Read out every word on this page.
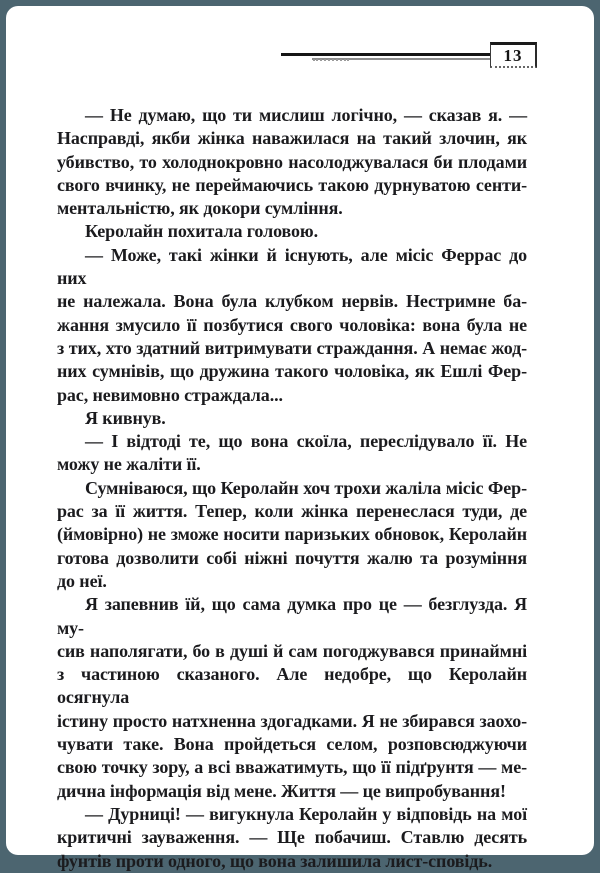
13
— Не думаю, що ти мислиш логічно, — сказав я. —
Насправді, якби жінка наважилася на такий злочин, як
убивство, то холоднокровно насолоджувалася би плодами
свого вчинку, не переймаючись такою дурнуватою сенти-
ментальністю, як докори сумління.
Керолайн похитала головою.
— Може, такі жінки й існують, але місіс Феррас до них
не належала. Вона була клубком нервів. Нестримне ба-
жання змусило її позбутися свого чоловіка: вона була не
з тих, хто здатний витримувати страждання. А немає жод-
них сумнівів, що дружина такого чоловіка, як Ешлі Фер-
рас, невимовно страждала...
Я кивнув.
— І відтоді те, що вона скоїла, переслідувало її. Не
можу не жаліти її.
Сумніваюся, що Керолайн хоч трохи жаліла місіс Фер-
рас за її життя. Тепер, коли жінка перенеслася туди, де
(ймовірно) не зможе носити паризьких обновок, Керолайн
готова дозволити собі ніжні почуття жалю та розуміння
до неї.
Я запевнив їй, що сама думка про це — безглузда. Я му-
сив наполягати, бо в душі й сам погоджувався принаймні
з частиною сказаного. Але недобре, що Керолайн осягнула
істину просто натхненна здогадками. Я не збирався заохо-
чувати таке. Вона пройдеться селом, розповсюджуючи
свою точку зору, а всі вважатимуть, що її підґрунтя — ме-
дична інформація від мене. Життя — це випробування!
— Дурниці! — вигукнула Керолайн у відповідь на мої
критичні зауваження. — Ще побачиш. Ставлю десять
фунтів проти одного, що вона залишила лист-сповідь.
